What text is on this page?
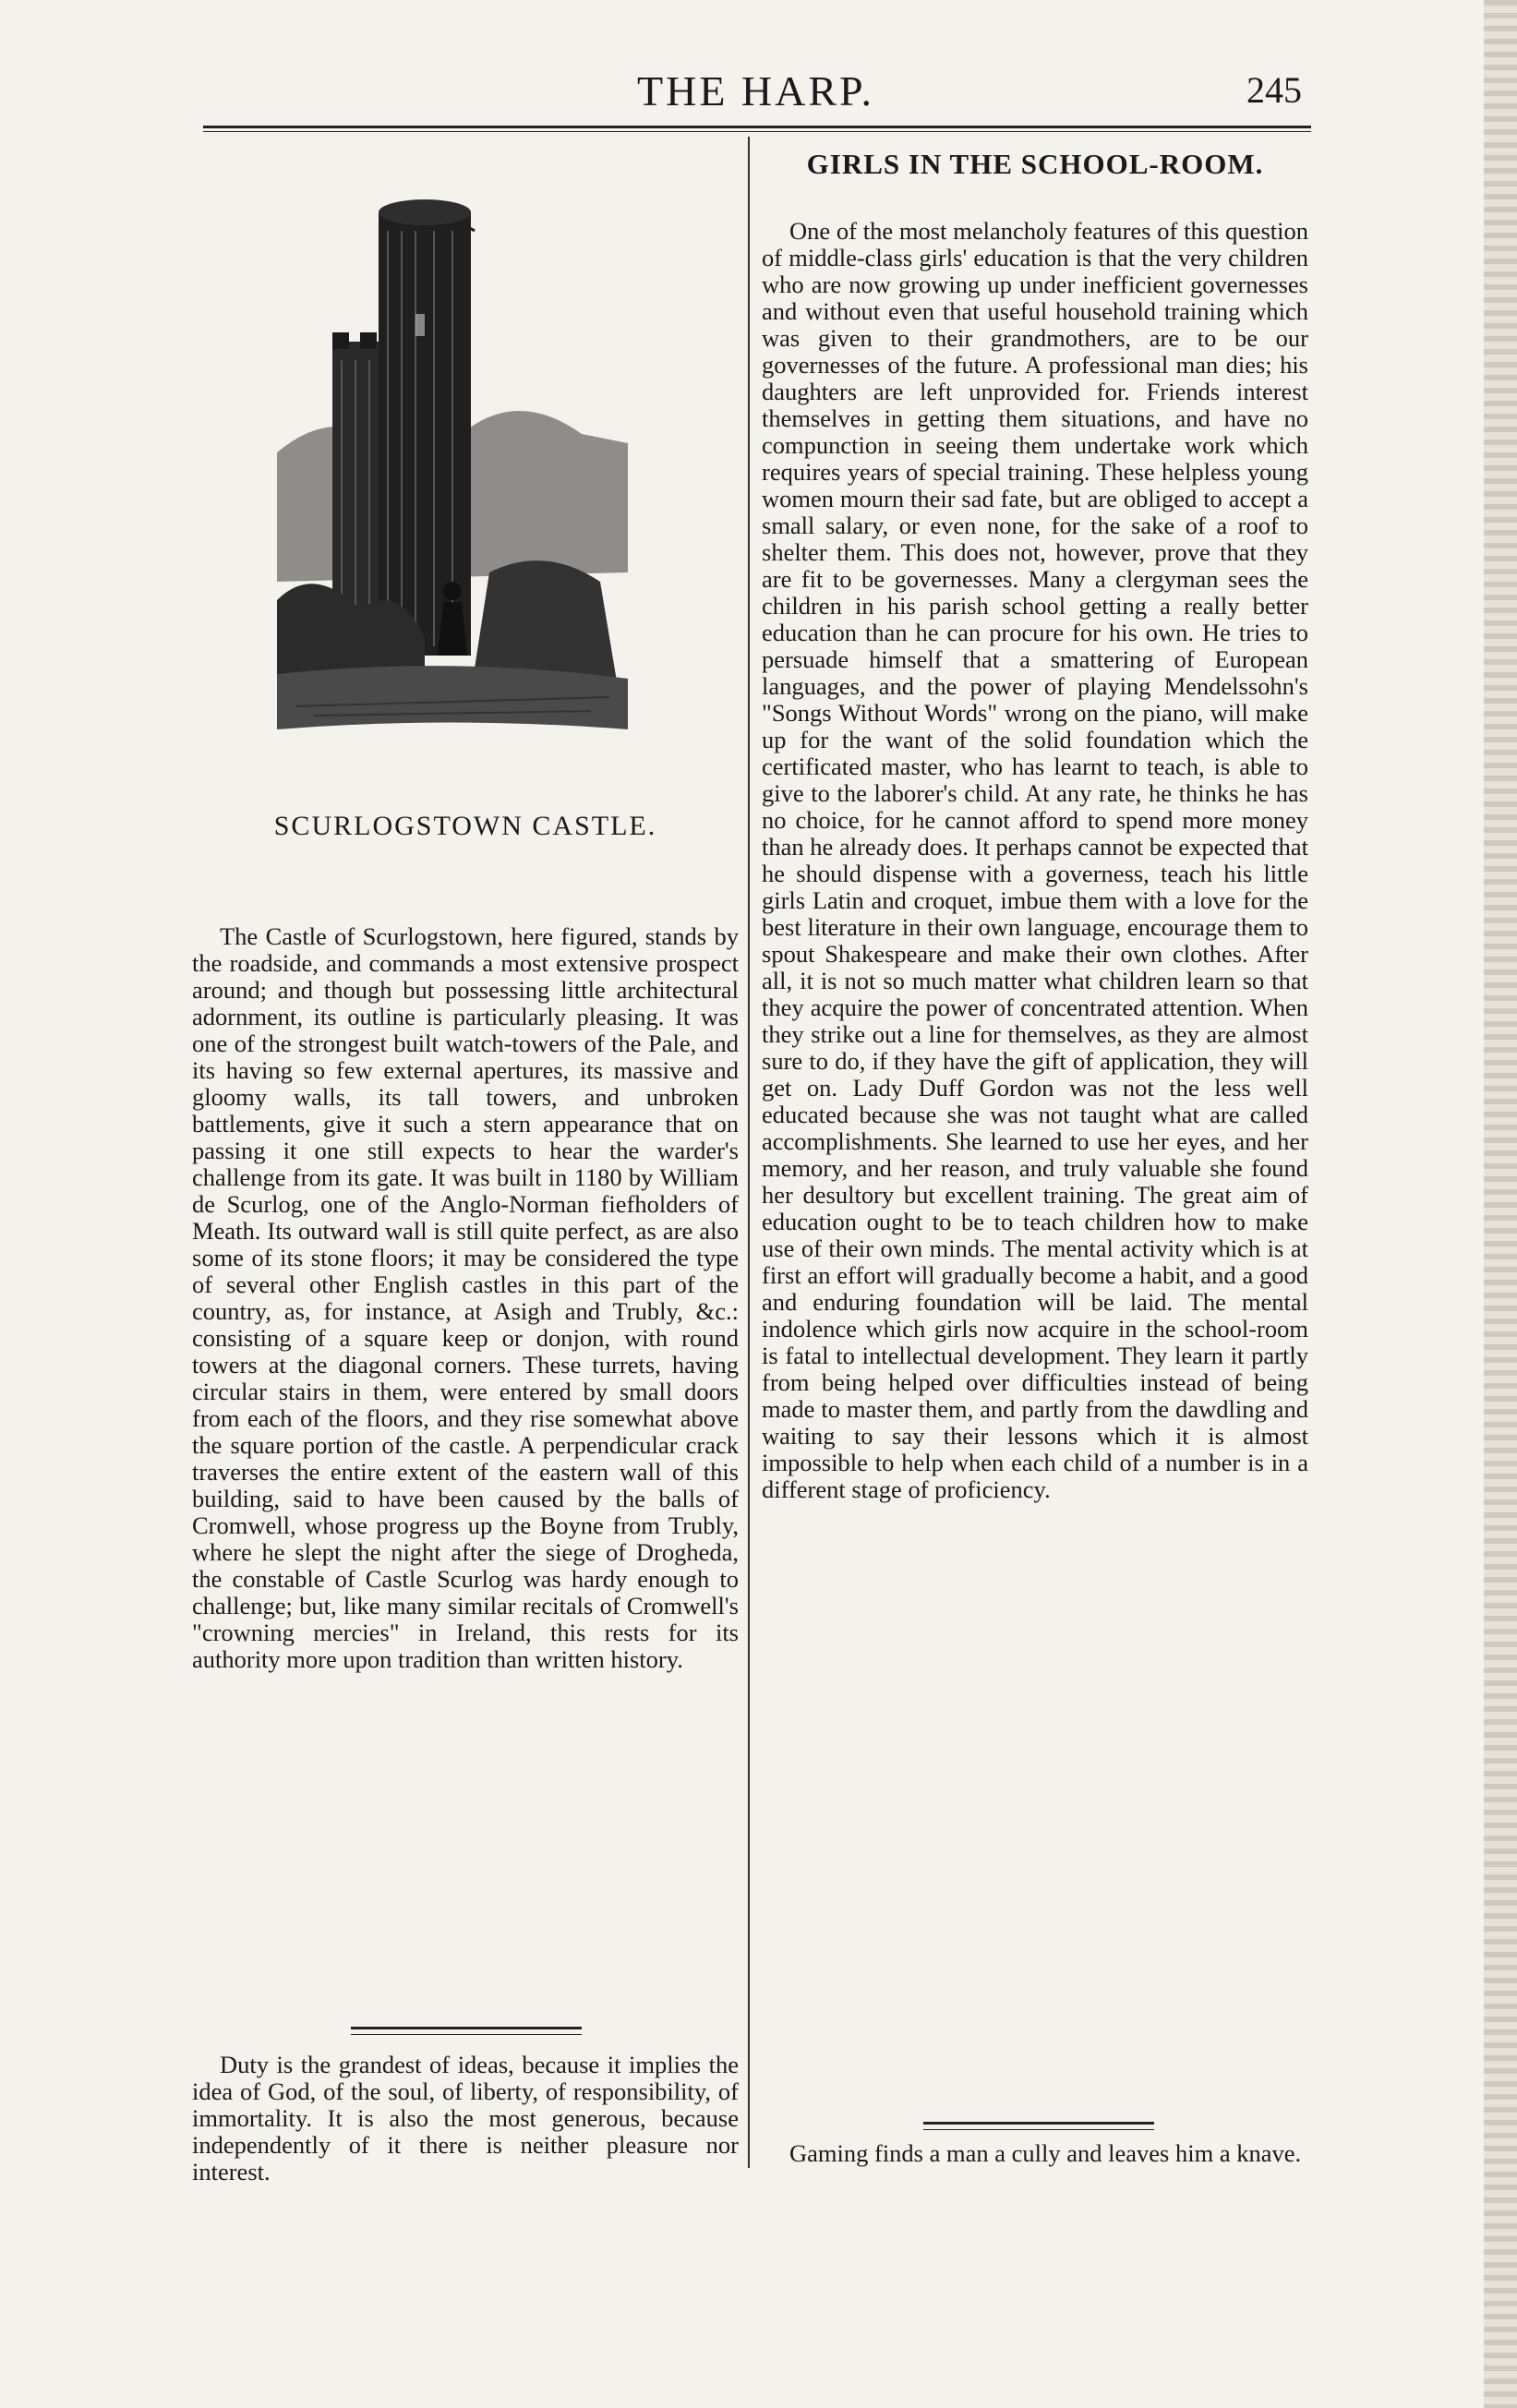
THE HARP.	245
SCURLOGSTOWN CASTLE.

The Castle of Scurlogstown, here figured, stands by the roadside, and commands a most extensive prospect around; and though but possessing little architectural adornment, its outline is particularly pleasing. It was one of the strongest built watch-towers of the Pale, and its having so few external apertures, its massive and gloomy walls, its tall towers, and unbroken battlements, give it such a stern appearance that on passing it one still expects to hear the warder's challenge from its gate. It was built in 1180 by William de Scurlog, one of the Anglo-Norman fiefholders of Meath. Its outward wall is still quite perfect, as are also some of its stone floors; it may be considered the type of several other English castles in this part of the country, as, for instance, at Asigh and Trubly, &c.: consisting of a square keep or donjon, with round towers at the diagonal corners. These turrets, having circular stairs in them, were entered by small doors from each of the floors, and they rise somewhat above the square portion of the castle. A perpendicular crack traverses the entire extent of the eastern wall of this building, said to have been caused by the balls of Cromwell, whose progress up the Boyne from Trubly, where he slept the night after the siege of Drogheda, the constable of Castle Scurlog was hardy enough to challenge; but, like many similar recitals of Cromwell's "crowning mercies" in Ireland, this rests for its authority more upon tradition than written history.

Duty is the grandest of ideas, because it implies the idea of God, of the soul, of liberty, of responsibility, of immortality. It is also the most generous, because independently of it there is neither pleasure nor interest.

GIRLS IN THE SCHOOL-ROOM.

One of the most melancholy features of this question of middle-class girls' education is that the very children who are now growing up under inefficient governesses and without even that useful household training which was given to their grandmothers, are to be our governesses of the future. A professional man dies; his daughters are left unprovided for. Friends interest themselves in getting them situations, and have no compunction in seeing them undertake work which requires years of special training. These helpless young women mourn their sad fate, but are obliged to accept a small salary, or even none, for the sake of a roof to shelter them. This does not, however, prove that they are fit to be governesses. Many a clergyman sees the children in his parish school getting a really better education than he can procure for his own. He tries to persuade himself that a smattering of European languages, and the power of playing Mendelssohn's "Songs Without Words" wrong on the piano, will make up for the want of the solid foundation which the certificated master, who has learnt to teach, is able to give to the laborer's child. At any rate, he thinks he has no choice, for he cannot afford to spend more money than he already does. It perhaps cannot be expected that he should dispense with a governess, teach his little girls Latin and croquet, imbue them with a love for the best literature in their own language, encourage them to spout Shakespeare and make their own clothes. After all, it is not so much matter what children learn so that they acquire the power of concentrated attention. When they strike out a line for themselves, as they are almost sure to do, if they have the gift of application, they will get on. Lady Duff Gordon was not the less well educated because she was not taught what are called accomplishments. She learned to use her eyes, and her memory, and her reason, and truly valuable she found her desultory but excellent training. The great aim of education ought to be to teach children how to make use of their own minds. The mental activity which is at first an effort will gradually become a habit, and a good and enduring foundation will be laid. The mental indolence which girls now acquire in the school-room is fatal to intellectual development. They learn it partly from being helped over difficulties instead of being made to master them, and partly from the dawdling and waiting to say their lessons which it is almost impossible to help when each child of a number is in a different stage of proficiency.

Gaming finds a man a cully and leaves him a knave.
